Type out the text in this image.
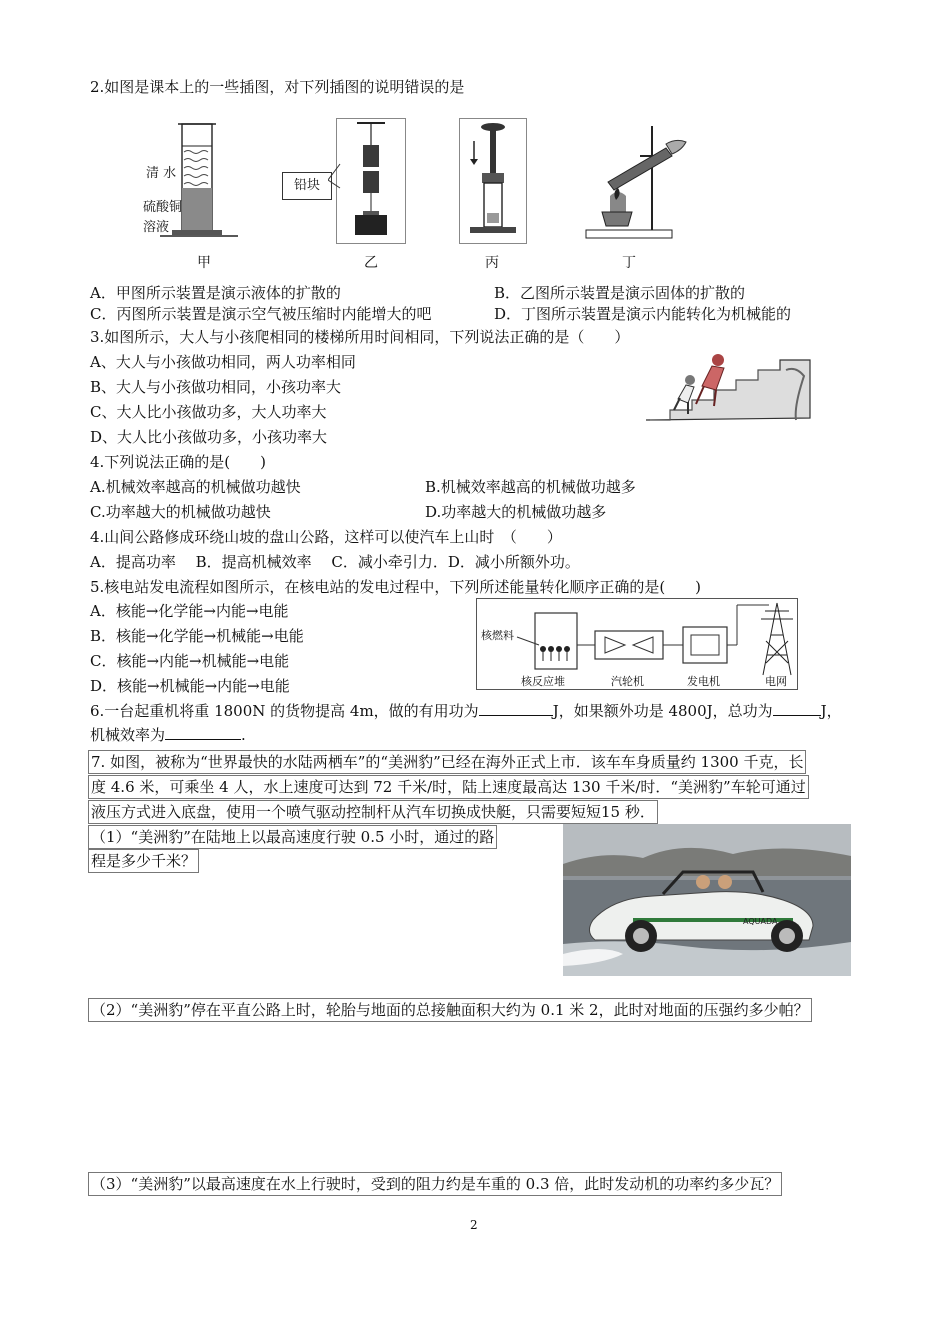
2.如图是课本上的一些插图，对下列插图的说明错误的是
清 水
硫酸铜
溶液
甲
铅块
乙	丙	丁
A．甲图所示装置是演示液体的扩散的	B．乙图所示装置是演示固体的扩散的
C．丙图所示装置是演示空气被压缩时内能增大的吧	D．丁图所示装置是演示内能转化为机械能的
3.如图所示，大人与小孩爬相同的楼梯所用时间相同，下列说法正确的是（　　）
A、大人与小孩做功相同，两人功率相同
B、大人与小孩做功相同，小孩功率大
C、大人比小孩做功多，大人功率大
D、大人比小孩做功多，小孩功率大
4.下列说法正确的是(　　)
A.机械效率越高的机械做功越快	B.机械效率越高的机械做功越多
C.功率越大的机械做功越快	D.功率越大的机械做功越多
4.山间公路修成环绕山坡的盘山公路，这样可以使汽车上山时　（　　）
A．提高功率　 B．提高机械效率　 C．减小牵引力．D．减小所额外功。
5.核电站发电流程如图所示，在核电站的发电过程中，下列所述能量转化顺序正确的是(　　)
A．核能→化学能→内能→电能
B．核能→化学能→机械能→电能
C．核能→内能→机械能→电能
D．核能→机械能→内能→电能
核燃料
核反应堆	汽轮机	发电机	电网
6.一台起重机将重 1800N 的货物提高 4m，做的有用功为	J，如果额外功是 4800J，总功为	J，
机械效率为	.
7. 如图，被称为“世界最快的水陆两栖车”的“美洲豹”已经在海外正式上市．该车车身质量约 1300 千克，长
度 4.6 米，可乘坐 4 人，水上速度可达到 72 千米/时，陆上速度最高达 130 千米/时．“美洲豹”车轮可通过
液压方式进入底盘，使用一个喷气驱动控制杆从汽车切换成快艇，只需要短短15 秒．
（1）“美洲豹”在陆地上以最高速度行驶 0.5 小时，通过的路
程是多少千米？
AQUADA
（2）“美洲豹”停在平直公路上时，轮胎与地面的总接触面积大约为 0.1 米 2，此时对地面的压强约多少帕？
（3）“美洲豹”以最高速度在水上行驶时，受到的阻力约是车重的 0.3 倍，此时发动机的功率约多少瓦？
2
